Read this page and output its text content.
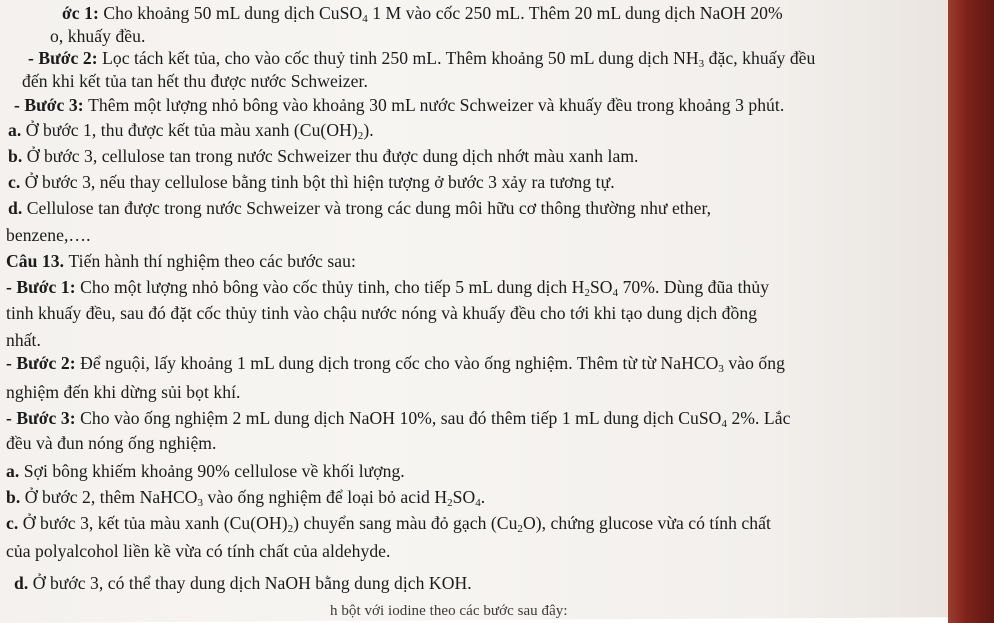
ớc 1: Cho khoảng 50 mL dung dịch CuSO$_4$ 1 M vào cốc 250 mL. Thêm 20 mL dung dịch NaOH 20%
o, khuấy đều.
- Bước 2: Lọc tách kết tủa, cho vào cốc thuỷ tinh 250 mL. Thêm khoảng 50 mL dung dịch $NH_3$ đặc, khuấy đều
đến khi kết tủa tan hết thu được nước Schweizer.
- Bước 3: Thêm một lượng nhỏ bông vào khoảng 30 mL nước Schweizer và khuấy đều trong khoảng 3 phút.
a. Ở bước 1, thu được kết tủa màu xanh $(Cu(OH)_2)$.
b. Ở bước 3, cellulose tan trong nước Schweizer thu được dung dịch nhớt màu xanh lam.
c. Ở bước 3, nếu thay cellulose bằng tinh bột thì hiện tượng ở bước 3 xảy ra tương tự.
d. Cellulose tan được trong nước Schweizer và trong các dung môi hữu cơ thông thường như ether,
benzene,….
Câu 13. Tiến hành thí nghiệm theo các bước sau:
- Bước 1: Cho một lượng nhỏ bông vào cốc thủy tinh, cho tiếp 5 mL dung dịch $H_2SO_4$ 70%. Dùng đũa thủy
tinh khuấy đều, sau đó đặt cốc thủy tinh vào chậu nước nóng và khuấy đều cho tới khi tạo dung dịch đồng
nhất.
- Bước 2: Để nguội, lấy khoảng 1 mL dung dịch trong cốc cho vào ống nghiệm. Thêm từ từ NaHCO$_3$ vào ống
nghiệm đến khi dừng sủi bọt khí.
- Bước 3: Cho vào ống nghiệm 2 mL dung dịch NaOH 10%, sau đó thêm tiếp 1 mL dung dịch CuSO$_4$ 2%. Lắc
đều và đun nóng ống nghiệm.
a. Sợi bông khiếm khoảng 90% cellulose về khối lượng.
b. Ở bước 2, thêm NaHCO$_3$ vào ống nghiệm để loại bỏ acid $H_2SO_4$.
c. Ở bước 3, kết tủa màu xanh $(Cu(OH)_2)$ chuyển sang màu đỏ gạch $(Cu_2O)$, chứng glucose vừa có tính chất
của polyalcohol liền kề vừa có tính chất của aldehyde.
d. Ở bước 3, có thể thay dung dịch NaOH bằng dung dịch KOH.
h bột với iodine theo các bước sau đây:
